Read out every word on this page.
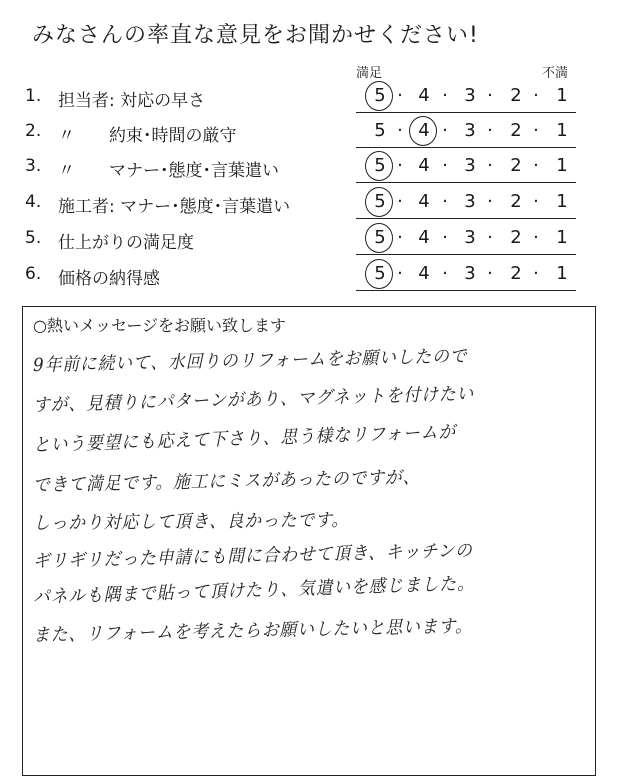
みなさんの率直な意見をお聞かせください!
満足	不満
1. 担当者: 対応の早さ	5 4 3 2 1
· · · ·
2. 〃　　約束･時間の厳守	5 4 3 2 1
· · · ·
3. 〃　　マナー･態度･言葉遣い	5 4 3 2 1
· · · ·
4. 施工者: マナー･態度･言葉遣い	5 4 3 2 1
· · · ·
5. 仕上がりの満足度	5 4 3 2 1
· · · ·
6. 価格の納得感	5 4 3 2 1
· · · ·
○熱いメッセージをお願い致します
9年前に続いて、水回りのリフォームをお願いしたので
すが、見積りにパターンがあり、マグネットを付けたい
という要望にも応えて下さり、思う様なリフォームが
できて満足です。施工にミスがあったのですが、
しっかり対応して頂き、良かったです。
ギリギリだった申請にも間に合わせて頂き、キッチンの
パネルも隅まで貼って頂けたり、気遣いを感じました。
また、リフォームを考えたらお願いしたいと思います。
